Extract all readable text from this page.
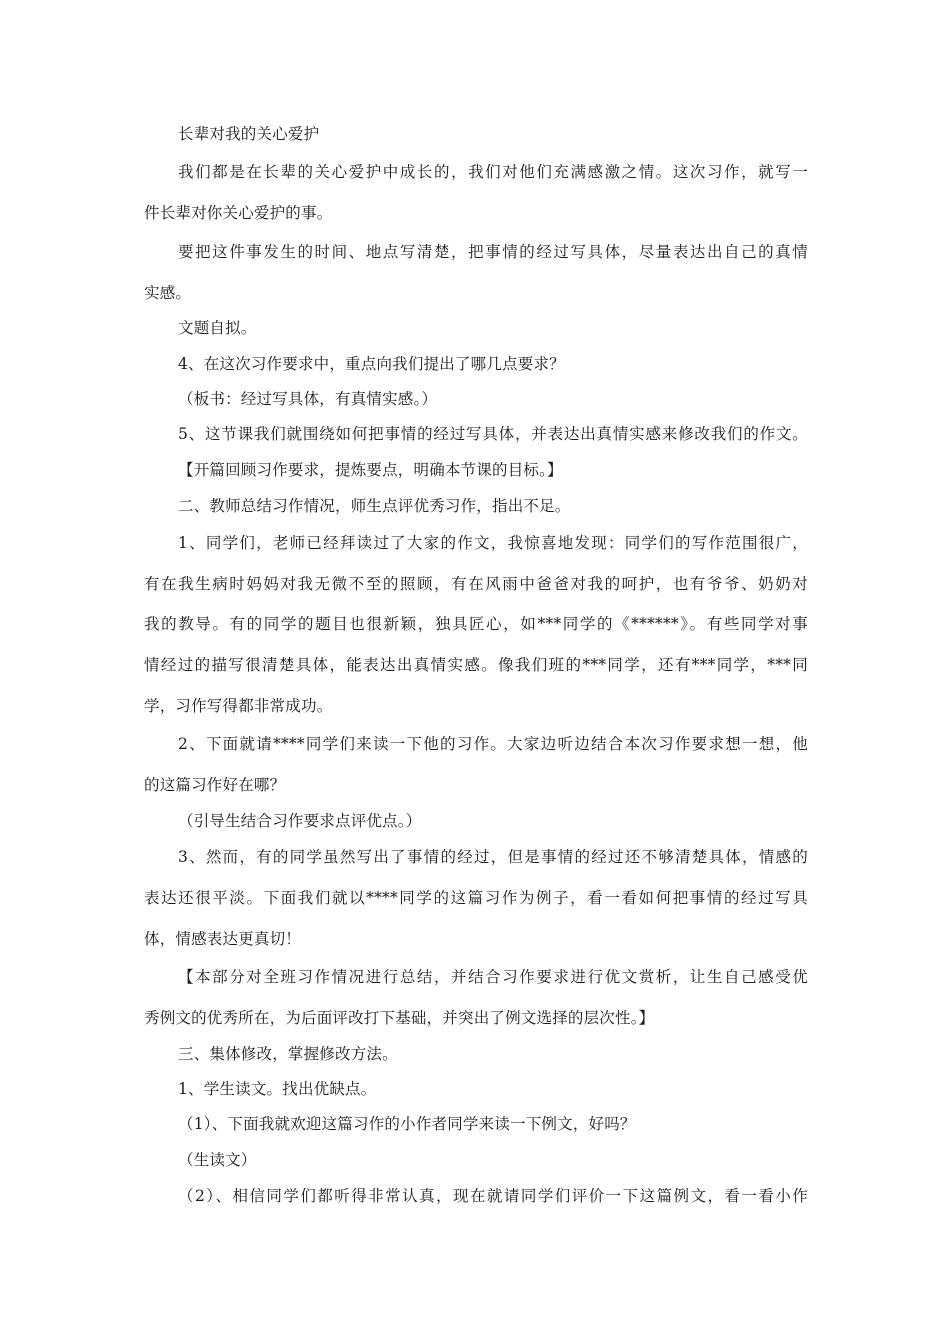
长辈对我的关心爱护
我们都是在长辈的关心爱护中成长的，我们对他们充满感激之情。这次习作，就写一
件长辈对你关心爱护的事。
要把这件事发生的时间、地点写清楚，把事情的经过写具体，尽量表达出自己的真情
实感。
文题自拟。
4、在这次习作要求中，重点向我们提出了哪几点要求？
（板书：经过写具体，有真情实感。）
5、这节课我们就围绕如何把事情的经过写具体，并表达出真情实感来修改我们的作文。
【开篇回顾习作要求，提炼要点，明确本节课的目标。】
二、教师总结习作情况，师生点评优秀习作，指出不足。
1、同学们，老师已经拜读过了大家的作文，我惊喜地发现：同学们的写作范围很广，
有在我生病时妈妈对我无微不至的照顾，有在风雨中爸爸对我的呵护，也有爷爷、奶奶对
我的教导。有的同学的题目也很新颖，独具匠心，如***同学的《******》。有些同学对事
情经过的描写很清楚具体，能表达出真情实感。像我们班的***同学，还有***同学，***同
学，习作写得都非常成功。
2、下面就请****同学们来读一下他的习作。大家边听边结合本次习作要求想一想，他
的这篇习作好在哪？
（引导生结合习作要求点评优点。）
3、然而，有的同学虽然写出了事情的经过，但是事情的经过还不够清楚具体，情感的
表达还很平淡。下面我们就以****同学的这篇习作为例子，看一看如何把事情的经过写具
体，情感表达更真切！
【本部分对全班习作情况进行总结，并结合习作要求进行优文赏析，让生自己感受优
秀例文的优秀所在，为后面评改打下基础，并突出了例文选择的层次性。】
三、集体修改，掌握修改方法。
1、学生读文。找出优缺点。
（1）、下面我就欢迎这篇习作的小作者同学来读一下例文，好吗？
（生读文）
（2）、相信同学们都听得非常认真，现在就请同学们评价一下这篇例文，看一看小作
